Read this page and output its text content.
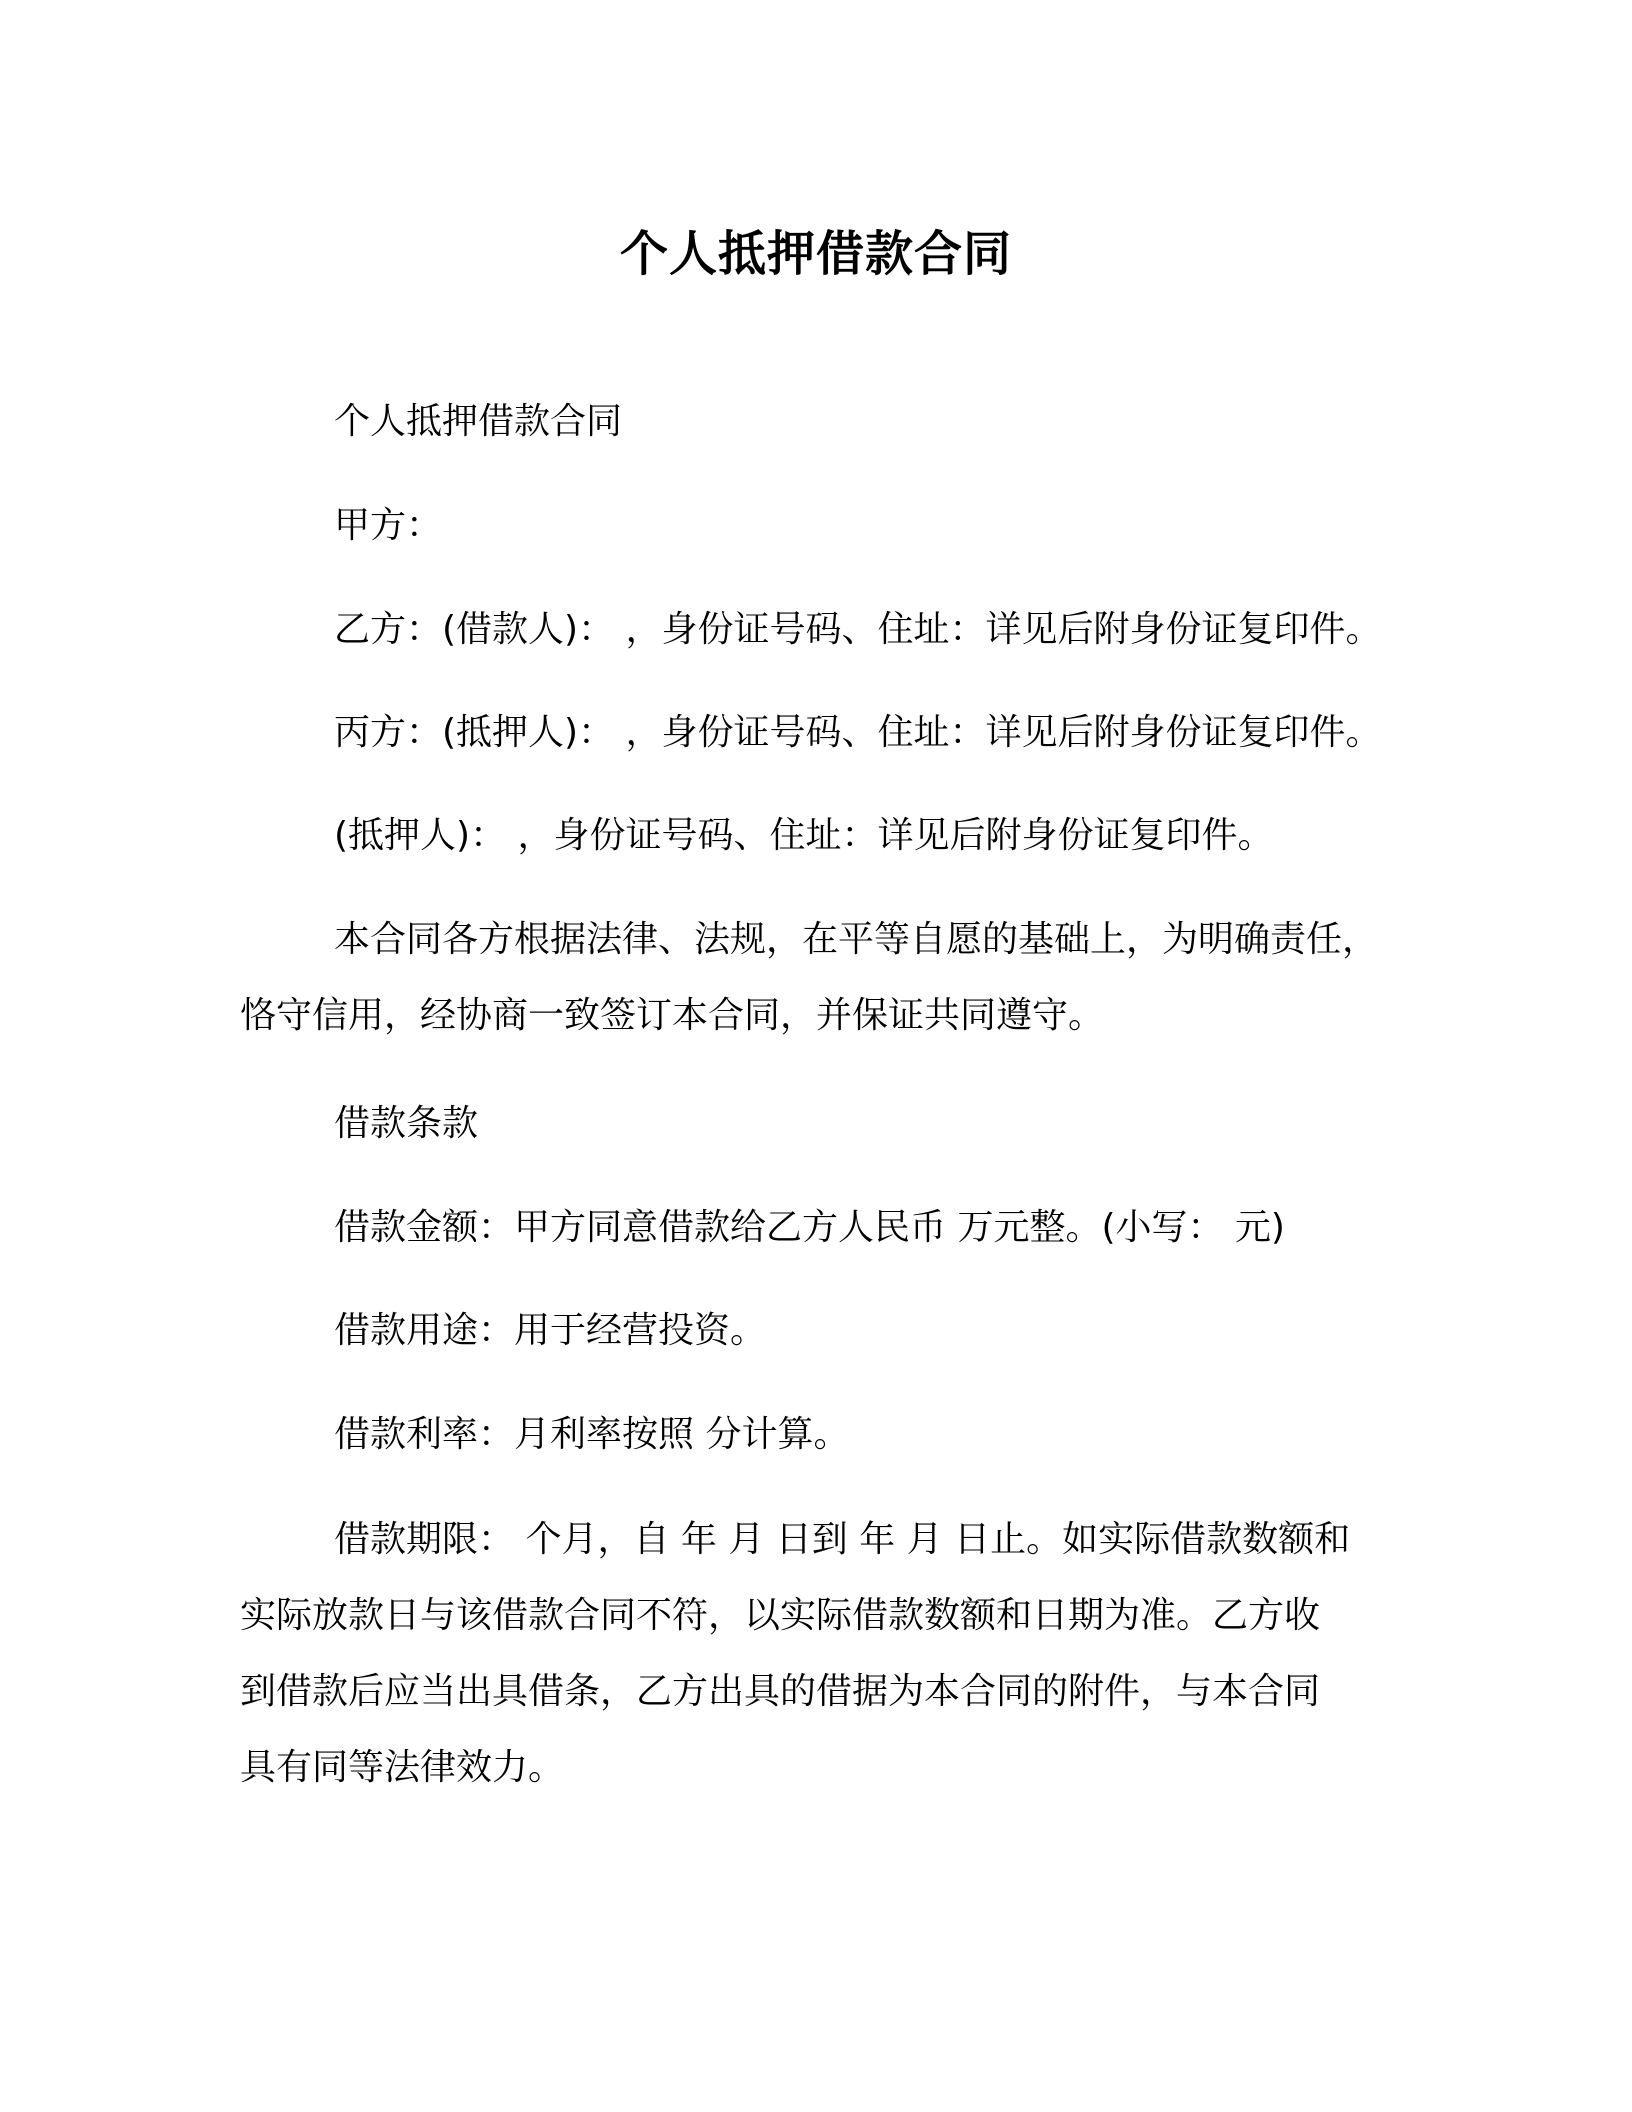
个人抵押借款合同
个人抵押借款合同
甲方：
乙方：(借款人)： ，身份证号码、住址：详见后附身份证复印件。
丙方：(抵押人)： ，身份证号码、住址：详见后附身份证复印件。
(抵押人)： ，身份证号码、住址：详见后附身份证复印件。
本合同各方根据法律、法规，在平等自愿的基础上，为明确责任，
恪守信用，经协商一致签订本合同，并保证共同遵守。
借款条款
借款金额：甲方同意借款给乙方人民币 万元整。(小写： 元)
借款用途：用于经营投资。
借款利率：月利率按照 分计算。
借款期限： 个月，自 年 月 日到 年 月 日止。如实际借款数额和
实际放款日与该借款合同不符，以实际借款数额和日期为准。乙方收
到借款后应当出具借条，乙方出具的借据为本合同的附件，与本合同
具有同等法律效力。
